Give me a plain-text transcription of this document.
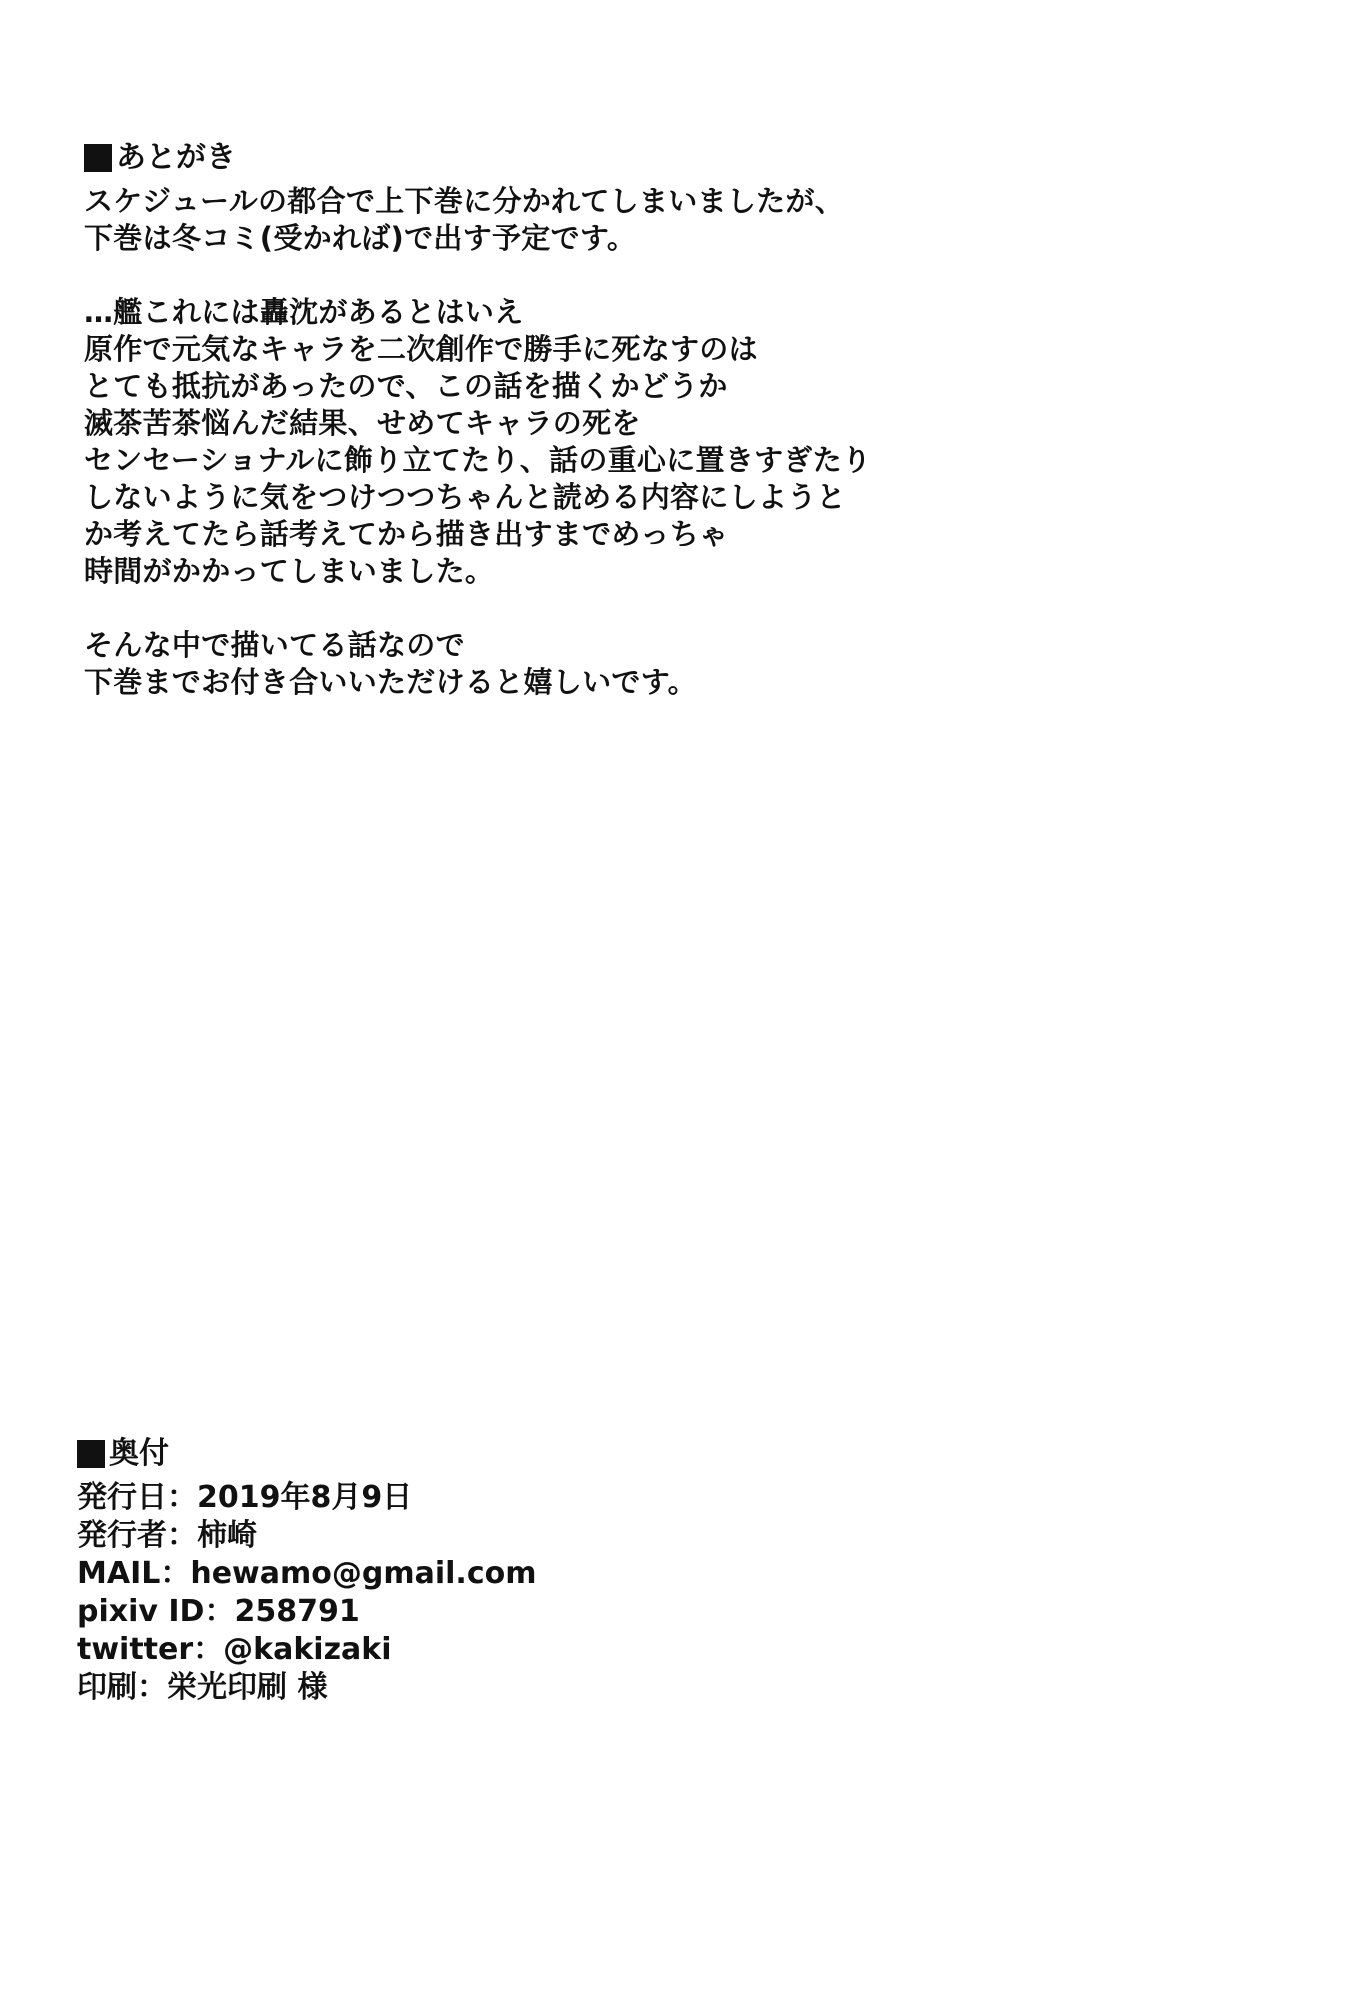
あとがき
スケジュールの都合で上下巻に分かれてしまいましたが、
下巻は冬コミ(受かれば)で出す予定です。
…艦これには轟沈があるとはいえ
原作で元気なキャラを二次創作で勝手に死なすのは
とても抵抗があったので、この話を描くかどうか
滅茶苦茶悩んだ結果、せめてキャラの死を
センセーショナルに飾り立てたり、話の重心に置きすぎたり
しないように気をつけつつちゃんと読める内容にしようと
か考えてたら話考えてから描き出すまでめっちゃ
時間がかかってしまいました。
そんな中で描いてる話なので
下巻までお付き合いいただけると嬉しいです。
奥付
発行日：2019年8月9日
発行者：柿崎
MAIL：hewamo@gmail.com
pixiv ID：258791
twitter：@kakizaki
印刷：栄光印刷 様
